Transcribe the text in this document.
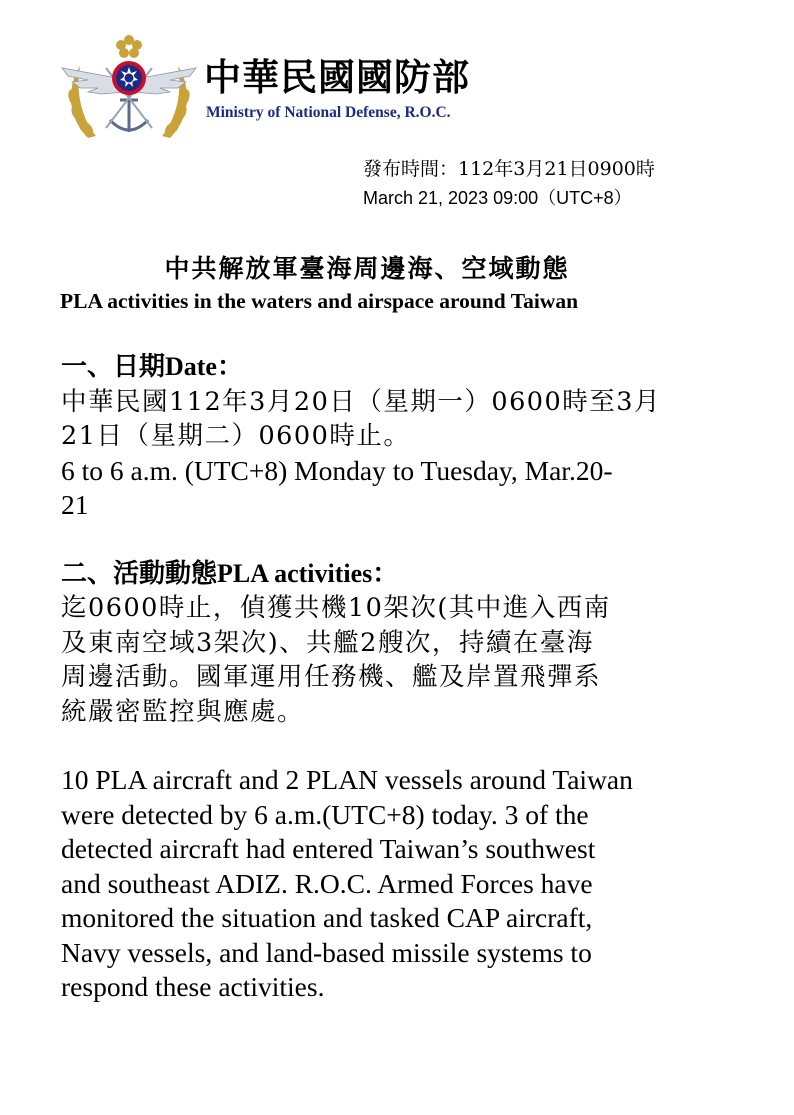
中華民國國防部
Ministry of National Defense, R.O.C.
發布時間：112年3月21日0900時
March 21, 2023 09:00（UTC+8）
中共解放軍臺海周邊海、空域動態
PLA activities in the waters and airspace around Taiwan

一、日期Date：

中華民國112年3月20日（星期一）0600時至3月

21日（星期二）0600時止。

6 to 6 a.m. (UTC+8) Monday to Tuesday, Mar.20-

21

二、活動動態PLA activities：

迄0600時止，偵獲共機10架次(其中進入西南

及東南空域3架次)、共艦2艘次，持續在臺海

周邊活動。國軍運用任務機、艦及岸置飛彈系

統嚴密監控與應處。

10 PLA aircraft and 2 PLAN vessels around Taiwan

were detected by 6 a.m.(UTC+8) today. 3 of the

detected aircraft had entered Taiwan’s southwest

and southeast ADIZ. R.O.C. Armed Forces have

monitored the situation and tasked CAP aircraft,

Navy vessels, and land-based missile systems to

respond these activities.
